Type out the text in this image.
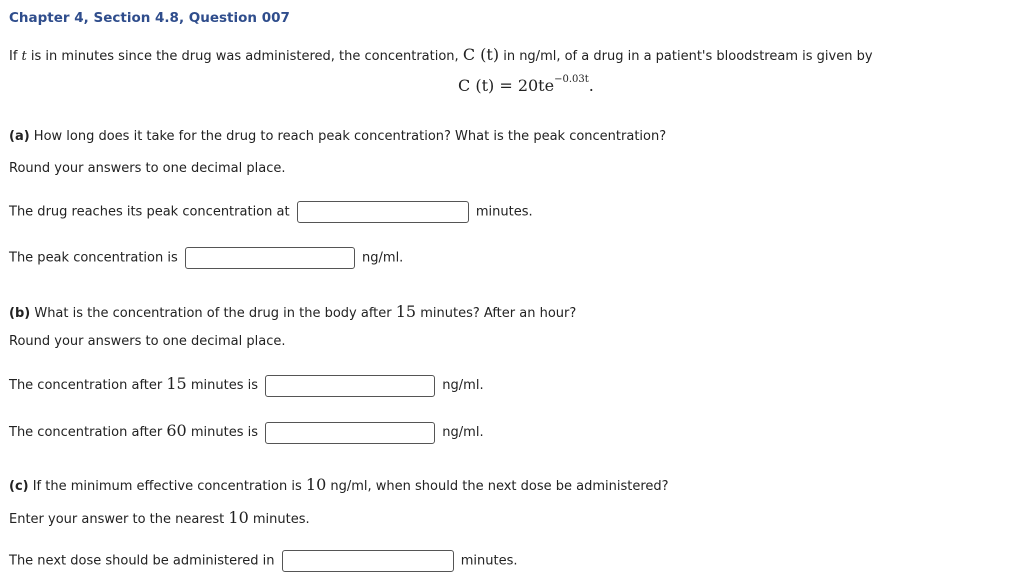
Chapter 4, Section 4.8, Question 007
If t is in minutes since the drug was administered, the concentration, C (t) in ng/ml, of a drug in a patient's bloodstream is given by
C $(t) = 20te^{-0.03t}$.
(a) How long does it take for the drug to reach peak concentration? What is the peak concentration?
Round your answers to one decimal place.
The drug reaches its peak concentration at	minutes.
The peak concentration is	ng/ml.
(b) What is the concentration of the drug in the body after 15 minutes? After an hour?
Round your answers to one decimal place.
The concentration after 15 minutes is	ng/ml.
The concentration after 60 minutes is	ng/ml.
(c) If the minimum effective concentration is 10 ng/ml, when should the next dose be administered?
Enter your answer to the nearest 10 minutes.
The next dose should be administered in	minutes.
